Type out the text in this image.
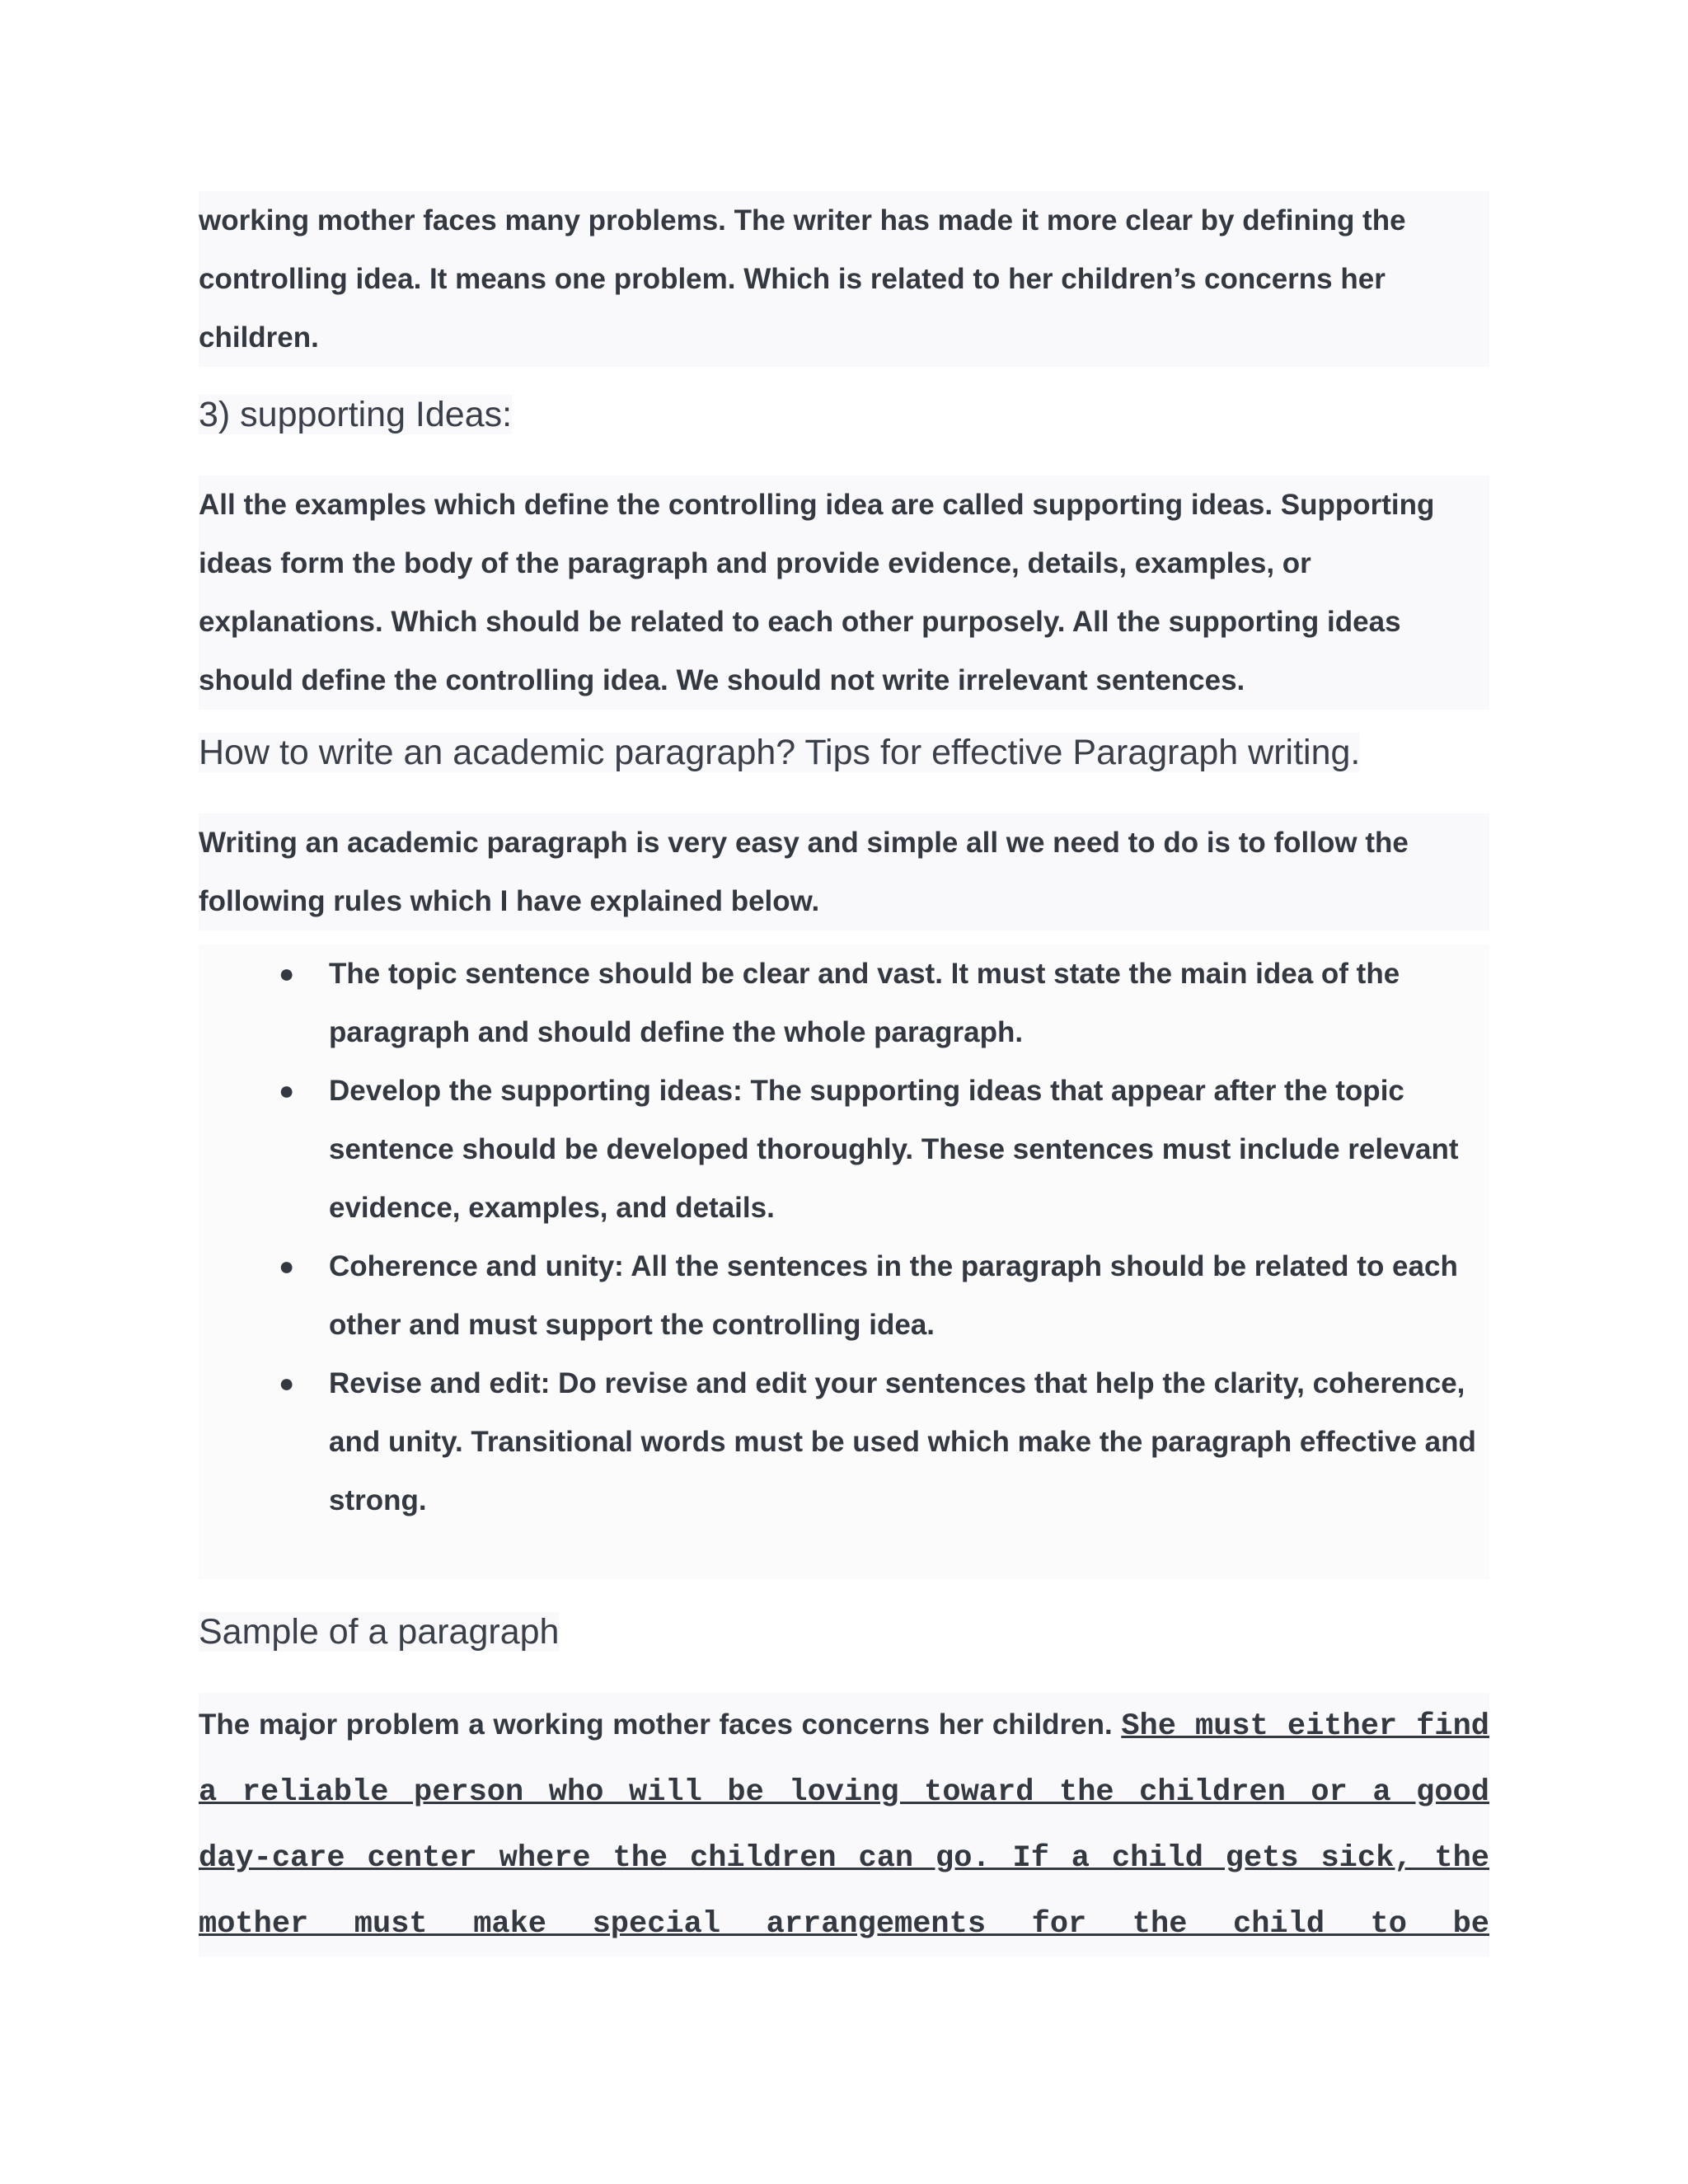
working mother faces many problems. The writer has made it more clear by defining the controlling idea. It means one problem. Which is related to her children’s concerns her children.

3) supporting Ideas:

All the examples which define the controlling idea are called supporting ideas. Supporting ideas form the body of the paragraph and provide evidence, details, examples, or explanations. Which should be related to each other purposely. All the supporting ideas should define the controlling idea. We should not write irrelevant sentences.

How to write an academic paragraph? Tips for effective Paragraph writing.

Writing an academic paragraph is very easy and simple all we need to do is to follow the following rules which I have explained below.

● The topic sentence should be clear and vast. It must state the main idea of the paragraph and should define the whole paragraph.
● Develop the supporting ideas: The supporting ideas that appear after the topic sentence should be developed thoroughly. These sentences must include relevant evidence, examples, and details.
● Coherence and unity: All the sentences in the paragraph should be related to each other and must support the controlling idea.
● Revise and edit: Do revise and edit your sentences that help the clarity, coherence, and unity. Transitional words must be used which make the paragraph effective and strong.
Sample of a paragraph

The major problem a working mother faces concerns her children. She must either find a reliable person who will be loving toward the children or a good day-care center where the children can go. If a child gets sick, the mother must make special arrangements for the child to be
